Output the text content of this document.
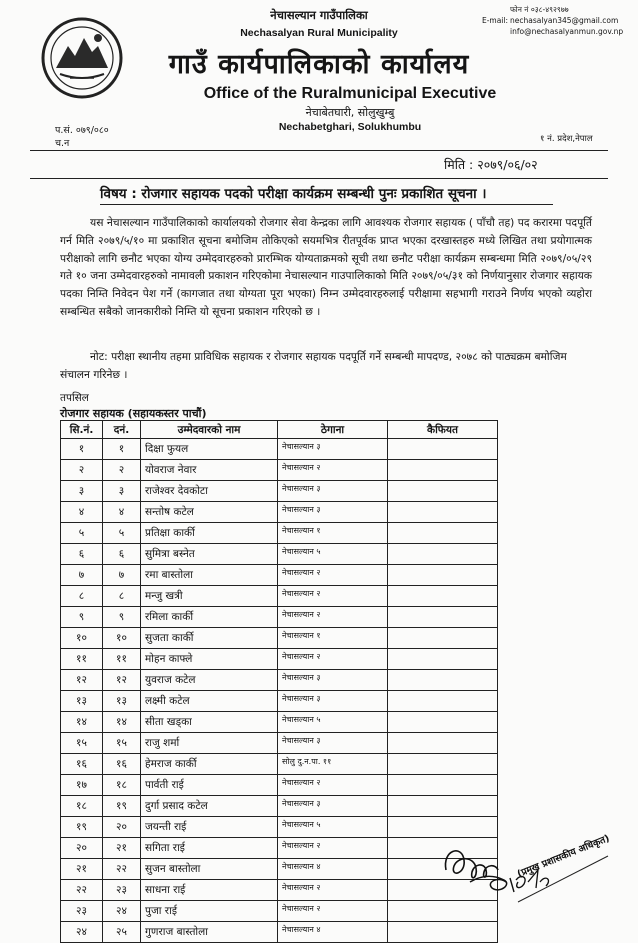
नेचासल्यान गाउँपालिका
Nechasalyan Rural Municipality
गाउँ कार्यपालिकाको कार्यालय
Office of the Ruralmunicipal Executive
नेचाबेतघारी, सोलुखुम्बु
Nechabetghari, Solukhumbu
फोन नं ०३८-४९२९७७
E-mail: nechasalyan345@gmail.com
info@nechasalyanmun.gov.np
प.सं. ०७९/०८०
च.न	१ नं. प्रदेश,नेपाल
मिति : २०७९/०६/०२
विषय : रोजगार सहायक पदको परीक्षा कार्यक्रम सम्बन्धी पुनः प्रकाशित सूचना ।
यस नेचासल्यान गाउँपालिकाको कार्यालयको रोजगार सेवा केन्द्रका लागि आवश्यक रोजगार सहायक ( पाँचौ तह) पद करारमा पदपूर्ति गर्न मिति २०७९/५/१० मा प्रकाशित सूचना बमोजिम तोकिएको सयमभित्र रीतपूर्वक प्राप्त भएका दरखास्तहरु मध्ये लिखित तथा प्रयोगात्मक परीक्षाको लागि छनौट भएका योग्य उम्मेदवारहरुको प्रारम्भिक योग्यताक्रमको सूची तथा छनौट परीक्षा कार्यक्रम सम्बन्धमा मिति २०७९/०५/२९ गते १० जना उम्मेदवारहरुको नामावली प्रकाशन गरिएकोमा नेचासल्यान गाउपालिकाको मिति २०७९/०५/३१ को निर्णयानुसार रोजगार सहायक पदका निम्ति निवेदन पेश गर्ने (कागजात तथा योग्यता पूरा भएका) निम्न उम्मेदवारहरुलाई परीक्षामा सहभागी गराउने निर्णय भएको व्यहोरा सम्बन्धित सबैको जानकारीको निम्ति यो सूचना प्रकाशन गरिएको छ ।
नोट: परीक्षा स्थानीय तहमा प्राविधिक सहायक र रोजगार सहायक पदपूर्ति गर्ने सम्बन्धी मापदण्ड, २०७८ को पाठ्यक्रम बमोजिम संचालन गरिनेछ ।
तपसिल
रोजगार सहायक (सहायकस्तर पाचौं)
सि.नं.	दनं.	उम्मेदवारको नाम	ठेगाना	कैफियत
१	१	दिक्षा फुयल	नेचासल्यान ३	
२	२	योवराज नेवार	नेचासल्यान २	
३	३	राजेश्वर देवकोटा	नेचासल्यान ३	
४	४	सन्तोष कटेल	नेचासल्यान ३	
५	५	प्रतिक्षा कार्की	नेचासल्यान १	
६	६	सुमित्रा बस्नेत	नेचासल्यान ५	
७	७	रमा बास्तोला	नेचासल्यान २	
८	८	मन्जु खत्री	नेचासल्यान २	
९	९	रमिला कार्की	नेचासल्यान २	
१०	१०	सुजता कार्की	नेचासल्यान १	
११	११	मोहन काफ्ले	नेचासल्यान २	
१२	१२	युवराज कटेल	नेचासल्यान ३	
१३	१३	लक्ष्मी कटेल	नेचासल्यान ३	
१४	१४	सीता खड्का	नेचासल्यान ५	
१५	१५	राजु शर्मा	नेचासल्यान ३	
१६	१६	हेमराज कार्की	सोलु दु.न.पा. ११	
१७	१८	पार्वती राई	नेचासल्यान २	
१८	१९	दुर्गा प्रसाद कटेल	नेचासल्यान ३	
१९	२०	जयन्ती राई	नेचासल्यान ५	
२०	२१	सगिता राई	नेचासल्यान २	
२१	२२	सुजन बास्तोला	नेचासल्यान ४	
२२	२३	साधना राई	नेचासल्यान २	
२३	२४	पुजा राई	नेचासल्यान २	
२४	२५	गुणराज बास्तोला	नेचासल्यान ४	
(प्रमुख प्रशासकीय अधिकृत)
